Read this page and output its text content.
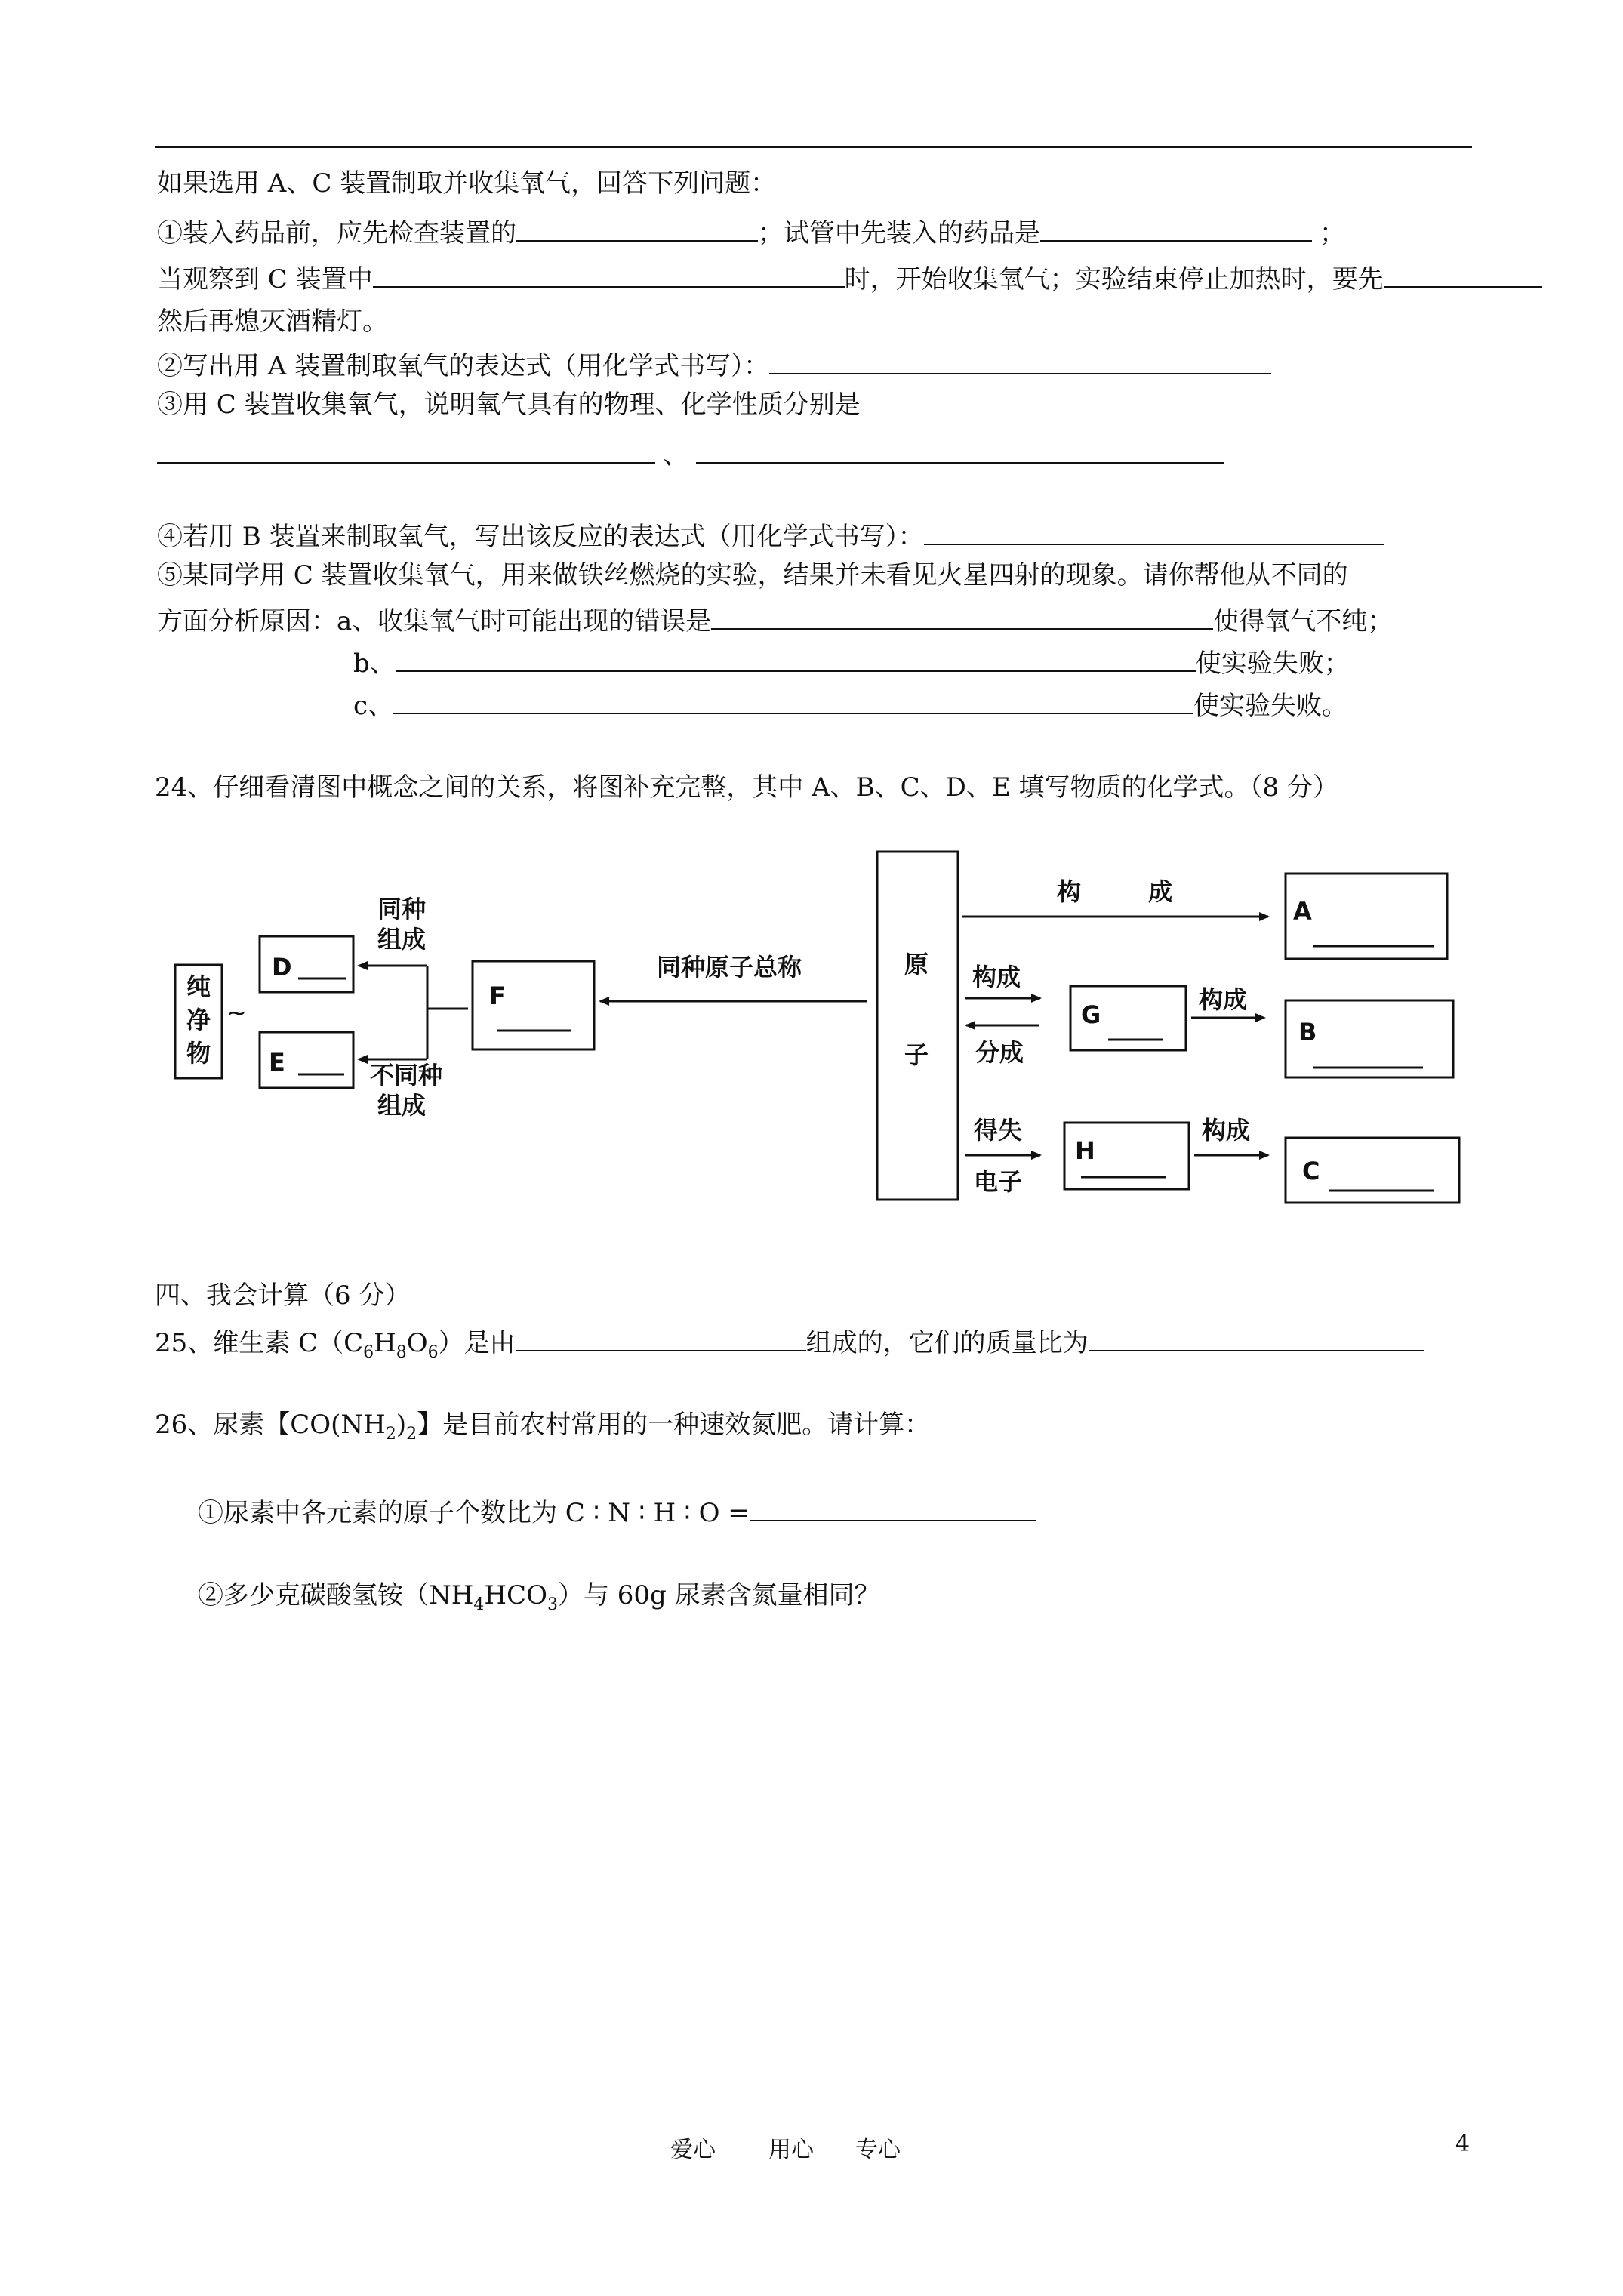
如果选用 A、C 装置制取并收集氧气，回答下列问题：
①装入药品前，应先检查装置的	；试管中先装入的药品是	；
当观察到 C 装置中	时，开始收集氧气；实验结束停止加热时，要先
然后再熄灭酒精灯。
②写出用 A 装置制取氧气的表达式（用化学式书写）：
③用 C 装置收集氧气，说明氧气具有的物理、化学性质分别是
、
④若用 B 装置来制取氧气，写出该反应的表达式（用化学式书写）：
⑤某同学用 C 装置收集氧气，用来做铁丝燃烧的实验，结果并未看见火星四射的现象。请你帮他从不同的
方面分析原因：a、收集氧气时可能出现的错误是	使得氧气不纯；
b、	使实验失败；
c、	使实验失败。
24、仔细看清图中概念之间的关系，将图补充完整，其中 A、B、C、D、E 填写物质的化学式。（8 分）
纯
净
物
~
D
E
F
G
H
A
B
C
同种
组成
不同种
组成
同种原子总称	原
子
构        成
构成
分成
构成
得失
电子
构成
四、我会计算（6 分）
25、维生素 $C(C_6H_8O_6)$是由	组成的，它们的质量比为
26、尿素【$CO(NH_2)_2$】是目前农村常用的一种速效氮肥。请计算：
①尿素中各元素的原子个数比为 C ∶ N ∶ H ∶ O =
②多少克碳酸氢铵$(NH_4HCO_3)$与 60g 尿素含氮量相同？
爱心 用心 专心	4
